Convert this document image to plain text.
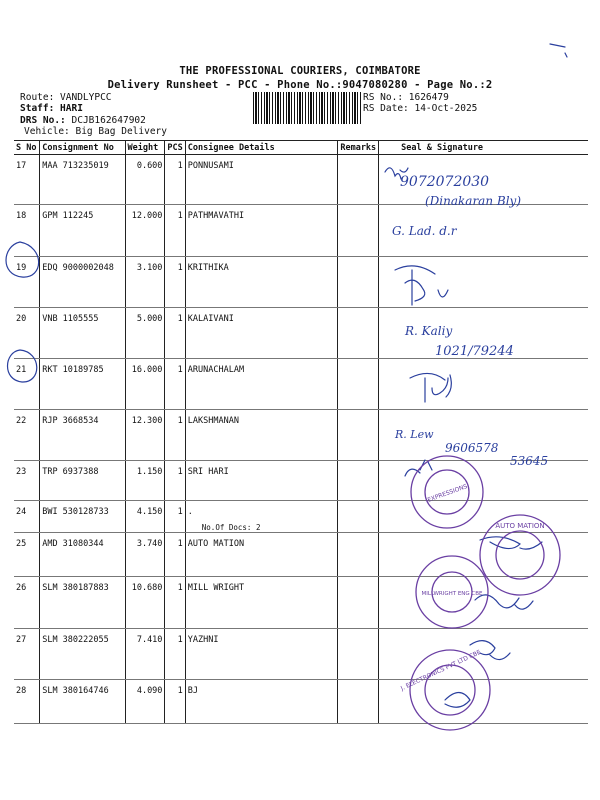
THE PROFESSIONAL COURIERS, COIMBATORE
Delivery Runsheet - PCC - Phone No.:9047080280 - Page No.:2
Route: VANDLYPCC
Staff: HARI
DRS No.: DCJB162647902
Vehicle: Big Bag Delivery
RS No.: 1626479
RS Date: 14-Oct-2025
S No	Consignment No	Weight	PCS	Consignee Details	Remarks	Seal & Signature
17	MAA 713235019	0.600	1	PONNUSAMI		
18	GPM 112245	12.000	1	PATHMAVATHI		
19	EDQ 9000002048	3.100	1	KRITHIKA		
20	VNB 1105555	5.000	1	KALAIVANI		
21	RKT 10189785	16.000	1	ARUNACHALAM		
22	RJP 3668534	12.300	1	LAKSHMANAN		
23	TRP 6937388	1.150	1	SRI HARI		
24	BWI 530128733	4.150	1	.
No.Of Docs: 2		

25	AMD 31080344	3.740	1	AUTO MATION		
26	SLM 380187883	10.680	1	MILL WRIGHT		
27	SLM 380222055	7.410	1	YAZHNI		
28	SLM 380164746	4.090	1	BJ		
9072072030
(Dinakaran Bly)
G. Lad. d.r
R. Kaliy
1021/79244
R. Lew
9606578
53645
EXPRESSIONS
AUTO MATION
MILLWRIGHT ENG CBE
J. ELECTRONICS PVT LTD CBE
